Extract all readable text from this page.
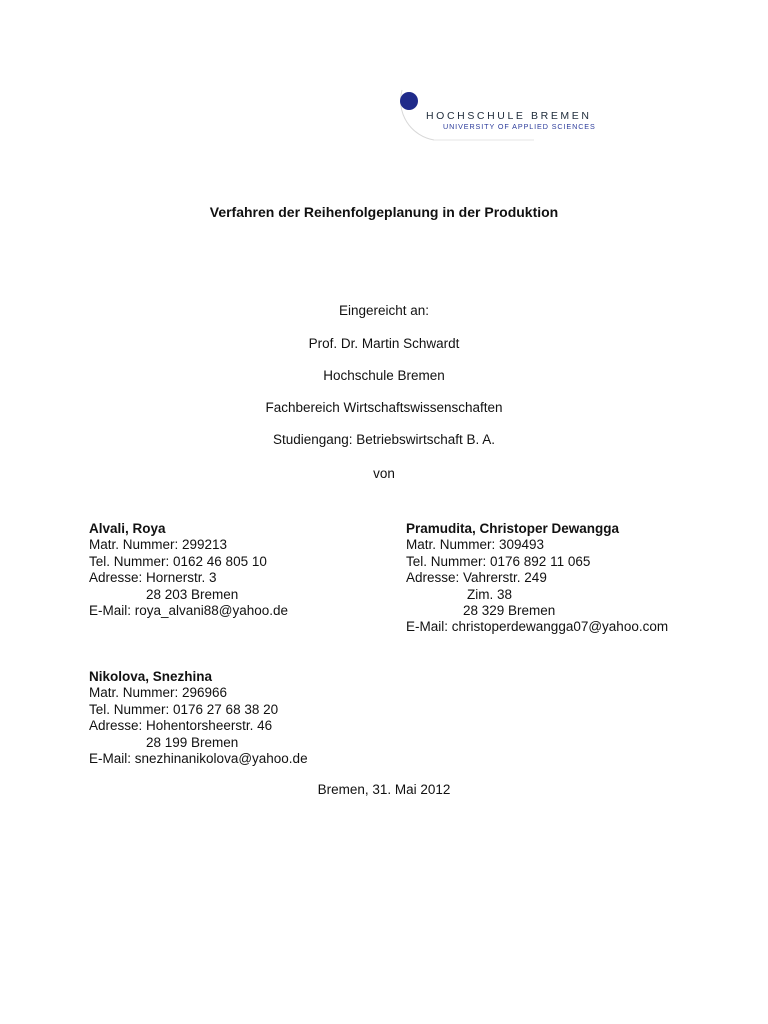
HOCHSCHULE BREMEN
UNIVERSITY OF APPLIED SCIENCES
Verfahren der Reihenfolgeplanung in der Produktion
Eingereicht an:
Prof. Dr. Martin Schwardt
Hochschule Bremen
Fachbereich Wirtschaftswissenschaften
Studiengang: Betriebswirtschaft B. A.
von
Alvali, Roya
Matr. Nummer: 299213
Tel. Nummer: 0162 46 805 10
Adresse: Hornerstr. 3
28 203 Bremen
E-Mail: roya_alvani88@yahoo.de
Pramudita, Christoper Dewangga
Matr. Nummer: 309493
Tel. Nummer: 0176 892 11 065
Adresse: Vahrerstr. 249
Zim. 38
28 329 Bremen
E-Mail: christoperdewangga07@yahoo.com
Nikolova, Snezhina
Matr. Nummer: 296966
Tel. Nummer: 0176 27 68 38 20
Adresse: Hohentorsheerstr. 46
28 199 Bremen
E-Mail: snezhinanikolova@yahoo.de
Bremen, 31. Mai 2012
